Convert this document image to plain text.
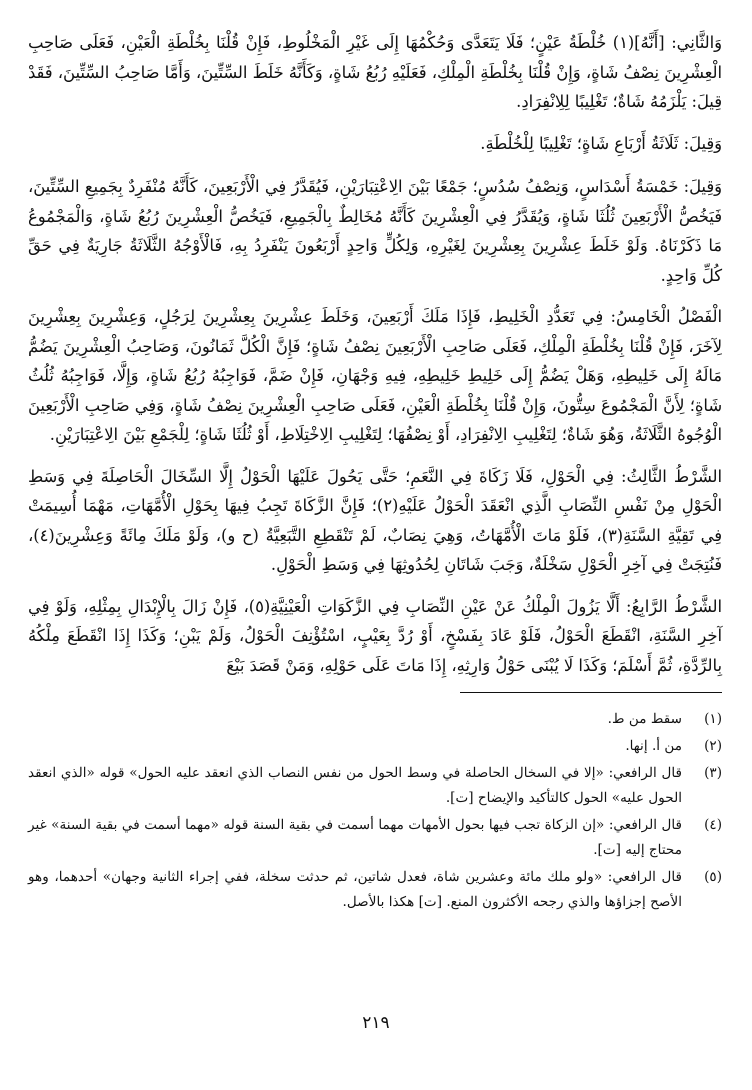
وَالثَّانِي: [أَنَّهُ](١) خُلْطَةُ عَيْنٍ؛ فَلَا يَتَعَدَّى وَحُكْمُهَا إِلَى غَيْرِ الْمَخْلُوطِ، فَإِنْ قُلْنَا بِخُلْطَةِ الْعَيْنِ، فَعَلَى صَاحِبِ الْعِشْرِينَ نِصْفُ شَاةٍ، وَإِنْ قُلْنَا بِخُلْطَةِ الْمِلْكِ، فَعَلَيْهِ رُبُعُ شَاةٍ، وَكَأَنَّهُ خَلَطَ السِّتِّينَ، وَأَمَّا صَاحِبُ السِّتِّينَ، فَقَدْ قِيلَ: يَلْزَمُهُ شَاةٌ؛ تَغْلِيبًا لِلِانْفِرَادِ.

وَقِيلَ: ثَلَاثَةُ أَرْبَاعِ شَاةٍ؛ تَغْلِيبًا لِلْخُلْطَةِ.

وَقِيلَ: خَمْسَةُ أَسْدَاسٍ، وَنِصْفُ سُدُسٍ؛ جَمْعًا بَيْنَ الِاعْتِبَارَيْنِ، فَيُقَدَّرُ فِي الْأَرْبَعِينَ، كَأَنَّهُ مُنْفَرِدٌ بِجَمِيعِ السِّتِّينَ، فَيَخُصُّ الْأَرْبَعِينَ ثُلُثَا شَاةٍ، وَيُقَدَّرُ فِي الْعِشْرِينَ كَأَنَّهُ مُخَالِطٌ بِالْجَمِيعِ، فَيَخُصُّ الْعِشْرِينَ رُبُعُ شَاةٍ، وَالْمَجْمُوعُ مَا ذَكَرْنَاهُ. وَلَوْ خَلَطَ عِشْرِينَ بِعِشْرِينَ لِغَيْرِهِ، وَلِكُلٍّ وَاحِدٍ أَرْبَعُونَ يَنْفَرِدُ بِهِ، فَالْأَوْجُهُ الثَّلَاثَةُ جَارِيَةٌ فِي حَقِّ كُلِّ وَاحِدٍ.

الْفَصْلُ الْخَامِسُ: فِي تَعَدُّدِ الْخَلِيطِ، فَإِذَا مَلَكَ أَرْبَعِينَ، وَخَلَطَ عِشْرِينَ بِعِشْرِينَ لِرَجُلٍ، وَعِشْرِينَ بِعِشْرِينَ لِآخَرَ، فَإِنْ قُلْنَا بِخُلْطَةِ الْمِلْكِ، فَعَلَى صَاحِبِ الْأَرْبَعِينَ نِصْفُ شَاةٍ؛ فَإِنَّ الْكُلَّ ثَمَانُونَ، وَصَاحِبُ الْعِشْرِينَ يَضُمُّ مَالَهُ إِلَى خَلِيطِهِ، وَهَلْ يَضُمُّ إِلَى خَلِيطِ خَلِيطِهِ، فِيهِ وَجْهَانِ، فَإِنْ ضَمَّ، فَوَاجِبُهُ رُبُعُ شَاةٍ، وَإِلَّا، فَوَاجِبُهُ ثُلُثُ شَاةٍ؛ لِأَنَّ الْمَجْمُوعَ سِتُّونَ، وَإِنْ قُلْنَا بِخُلْطَةِ الْعَيْنِ، فَعَلَى صَاحِبِ الْعِشْرِينَ نِصْفُ شَاةٍ، وَفِي صَاحِبِ الْأَرْبَعِينَ الْوُجُوهُ الثَّلَاثَةُ، وَهُوَ شَاةٌ؛ لِتَغْلِيبِ الِانْفِرَادِ، أَوْ نِصْفُهَا؛ لِتَغْلِيبِ الِاخْتِلَاطِ، أَوْ ثُلُثَا شَاةٍ؛ لِلْجَمْعِ بَيْنَ الِاعْتِبَارَيْنِ.

الشَّرْطُ الثَّالِثُ: فِي الْحَوْلِ، فَلَا زَكَاةَ فِي النَّعَمِ؛ حَتَّى يَحُولَ عَلَيْهَا الْحَوْلُ إِلَّا السِّخَالَ الْحَاصِلَةَ فِي وَسَطِ الْحَوْلِ مِنْ نَفْسِ النِّصَابِ الَّذِي انْعَقَدَ الْحَوْلُ عَلَيْهِ(٢)؛ فَإِنَّ الزَّكَاةَ تَجِبُ فِيهَا بِحَوْلِ الْأُمَّهَاتِ، مَهْمَا أُسِيمَتْ فِي تَقِيَّةِ السَّنَةِ(٣)، فَلَوْ مَاتَ الْأُمَّهَاتُ، وَهِيَ نِصَابٌ، لَمْ تَنْقَطِعِ التَّبَعِيَّةُ (ح و)، وَلَوْ مَلَكَ مِائَةً وَعِشْرِينَ(٤)، فَنُتِجَتْ فِي آخِرِ الْحَوْلِ سَخْلَةٌ، وَجَبَ شَاتَانِ لِحُدُوثِهَا فِي وَسَطِ الْحَوْلِ.

الشَّرْطُ الرَّابِعُ: أَلَّا يَزُولَ الْمِلْكُ عَنْ عَيْنِ النِّصَابِ فِي الزَّكَوَاتِ الْعَيْنِيَّةِ(٥)، فَإِنْ زَالَ بِالْإِبْدَالِ بِمِثْلِهِ، وَلَوْ فِي آخِرِ السَّنَةِ، انْقَطَعَ الْحَوْلُ، فَلَوْ عَادَ بِفَسْخٍ، أَوْ رُدَّ بِعَيْبٍ، اسْتُؤْنِفَ الْحَوْلُ، وَلَمْ يَبْنِ؛ وَكَذَا إِذَا انْقَطَعَ مِلْكُهُ بِالرِّدَّةِ، ثُمَّ أَسْلَمَ؛ وَكَذَا لَا يُبْنَى حَوْلُ وَارِثِهِ، إِذَا مَاتَ عَلَى حَوْلِهِ، وَمَنْ قَصَدَ بَيْعَ

(١)
سقط من ط.
(٢)
من أ. إنها.
(٣)
قال الرافعي: «إلا في السخال الحاصلة في وسط الحول من نفس النصاب الذي انعقد عليه الحول» قوله «الذي انعقد الحول عليه» الحول كالتأكيد والإيضاح [ت].
(٤)
قال الرافعي: «إن الزكاة تجب فيها بحول الأمهات مهما أسمت في بقية السنة قوله «مهما أسمت في بقية السنة» غير محتاج إليه [ت].
(٥)
قال الرافعي: «ولو ملك مائة وعشرين شاة، فعدل شاتين، ثم حدثت سخلة، ففي إجراء الثانية وجهان» أحدهما، وهو الأصح إجزاؤها والذي رجحه الأكثرون المنع. [ت] هكذا بالأصل.
٢١٩
